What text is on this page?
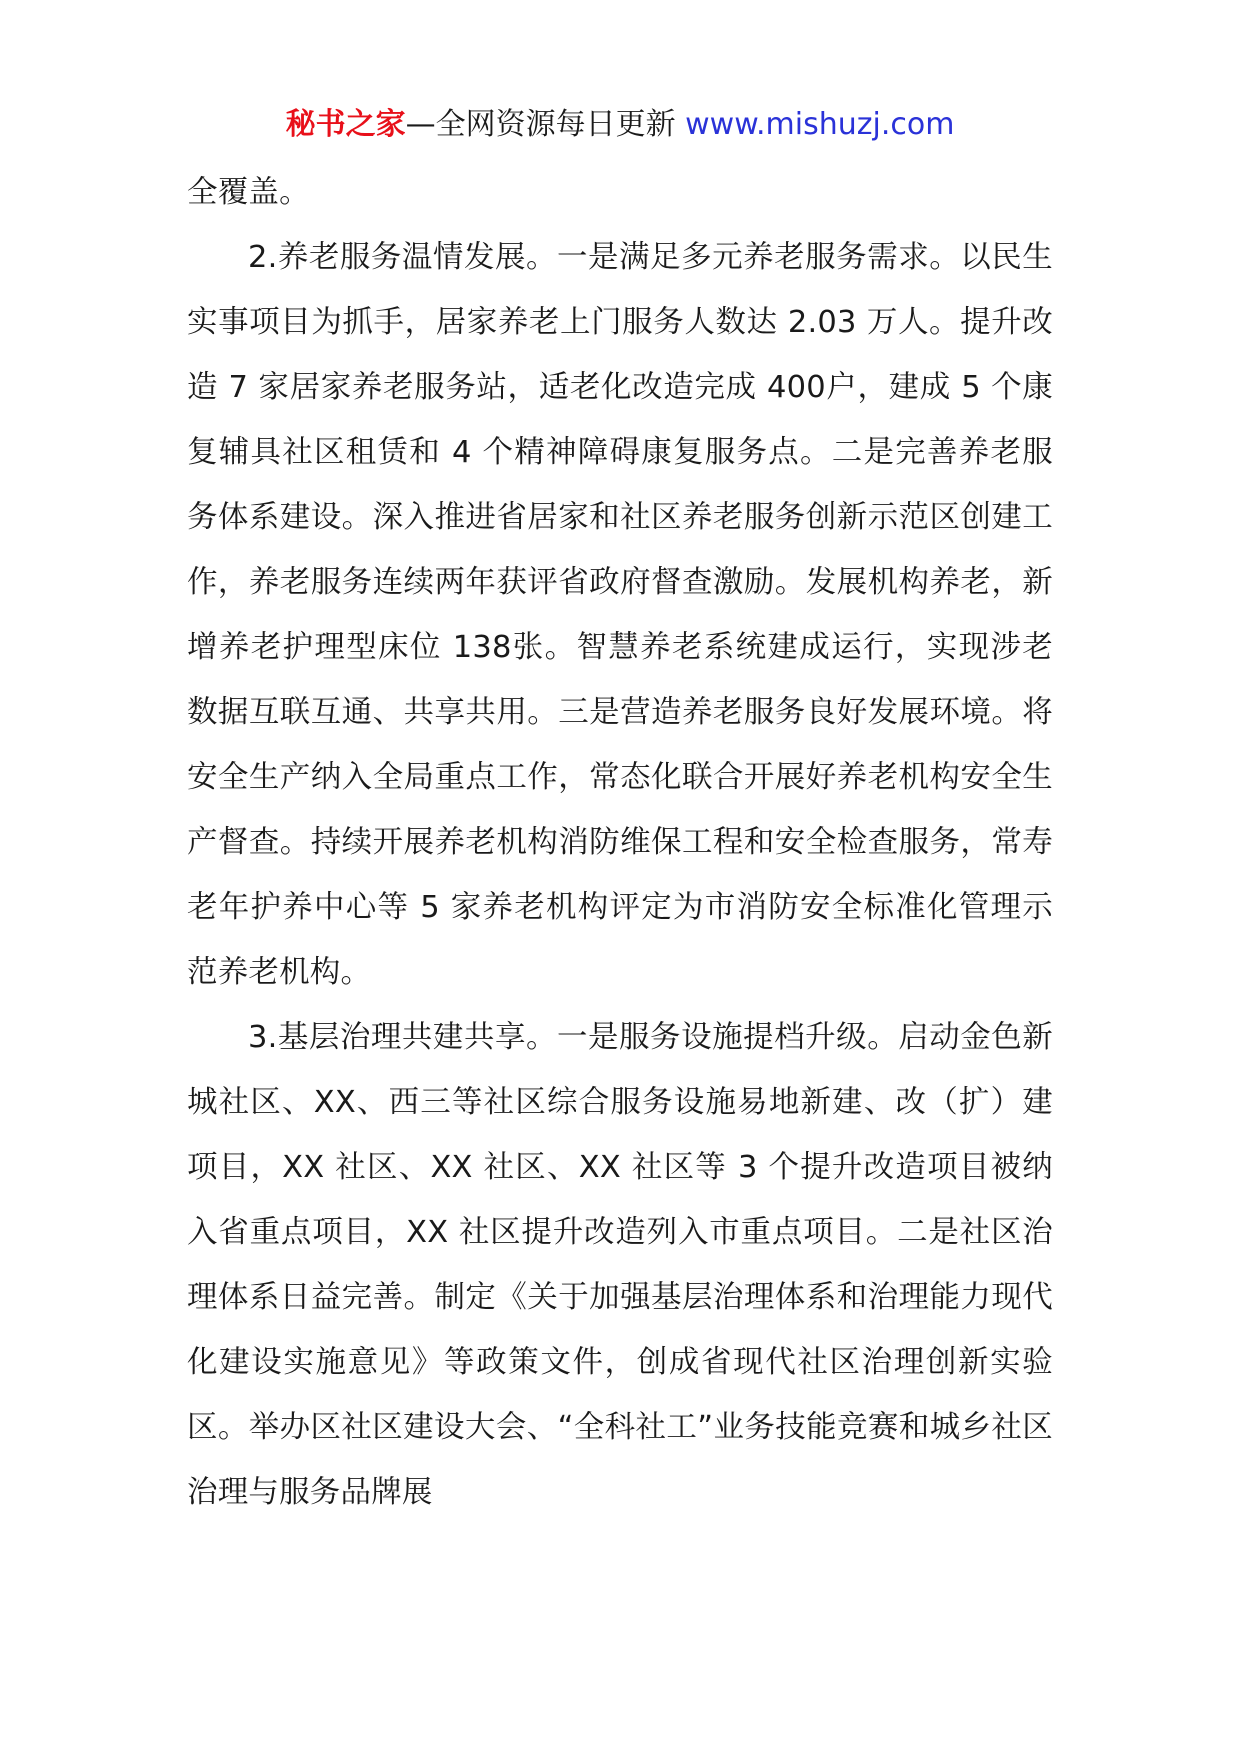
秘书之家—全网资源每日更新 www.mishuzj.com

全覆盖。

2.养老服务温情发展。一是满足多元养老服务需求。以民生实事项目为抓手，居家养老上门服务人数达 2.03 万人。提升改造 7 家居家养老服务站，适老化改造完成 400户，建成 5 个康复辅具社区租赁和 4 个精神障碍康复服务点。二是完善养老服务体系建设。深入推进省居家和社区养老服务创新示范区创建工作，养老服务连续两年获评省政府督查激励。发展机构养老，新增养老护理型床位 138张。智慧养老系统建成运行，实现涉老数据互联互通、共享共用。三是营造养老服务良好发展环境。将安全生产纳入全局重点工作，常态化联合开展好养老机构安全生产督查。持续开展养老机构消防维保工程和安全检查服务，常寿老年护养中心等 5 家养老机构评定为市消防安全标准化管理示范养老机构。

3.基层治理共建共享。一是服务设施提档升级。启动金色新城社区、XX、西三等社区综合服务设施易地新建、改（扩）建项目，XX 社区、XX 社区、XX 社区等 3 个提升改造项目被纳入省重点项目，XX 社区提升改造列入市重点项目。二是社区治理体系日益完善。制定《关于加强基层治理体系和治理能力现代化建设实施意见》等政策文件，创成省现代社区治理创新实验区。举办区社区建设大会、“全科社工”业务技能竞赛和城乡社区治理与服务品牌展
